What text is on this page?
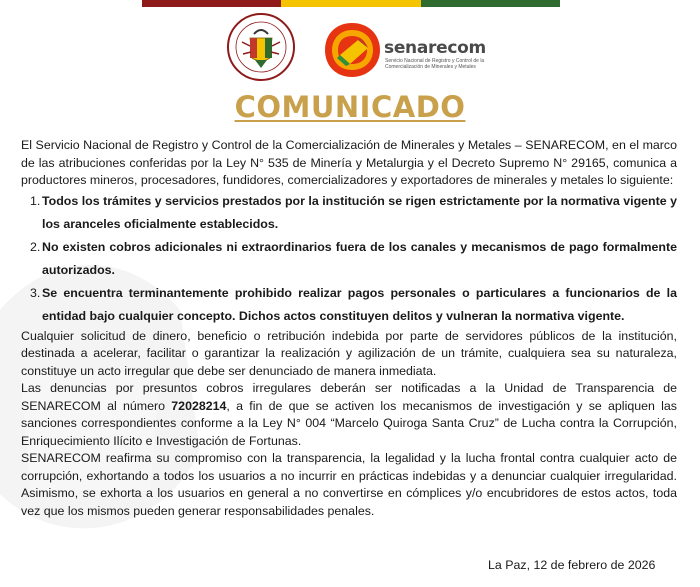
senarecom
Servicio Nacional de Registro y Control de la Comercialización de Minerales y Metales
COMUNICADO

El Servicio Nacional de Registro y Control de la Comercialización de Minerales y Metales – SENARECOM, en el marco de las atribuciones conferidas por la Ley N° 535 de Minería y Metalurgia y el Decreto Supremo N° 29165, comunica a productores mineros, procesadores, fundidores, comercializadores y exportadores de minerales y metales lo siguiente:

1. Todos los trámites y servicios prestados por la institución se rigen estrictamente por la normativa vigente y los aranceles oficialmente establecidos.
2. No existen cobros adicionales ni extraordinarios fuera de los canales y mecanismos de pago formalmente autorizados.
3. Se encuentra terminantemente prohibido realizar pagos personales o particulares a funcionarios de la entidad bajo cualquier concepto. Dichos actos constituyen delitos y vulneran la normativa vigente.

Cualquier solicitud de dinero, beneficio o retribución indebida por parte de servidores públicos de la institución, destinada a acelerar, facilitar o garantizar la realización y agilización de un trámite, cualquiera sea su naturaleza, constituye un acto irregular que debe ser denunciado de manera inmediata.

Las denuncias por presuntos cobros irregulares deberán ser notificadas a la Unidad de Transparencia de SENARECOM al número 72028214, a fin de que se activen los mecanismos de investigación y se apliquen las sanciones correspondientes conforme a la Ley N° 004 “Marcelo Quiroga Santa Cruz” de Lucha contra la Corrupción, Enriquecimiento Ilícito e Investigación de Fortunas.

SENARECOM reafirma su compromiso con la transparencia, la legalidad y la lucha frontal contra cualquier acto de corrupción, exhortando a todos los usuarios a no incurrir en prácticas indebidas y a denunciar cualquier irregularidad. Asimismo, se exhorta a los usuarios en general a no convertirse en cómplices y/o encubridores de estos actos, toda vez que los mismos pueden generar responsabilidades penales.

La Paz, 12 de febrero de 2026
